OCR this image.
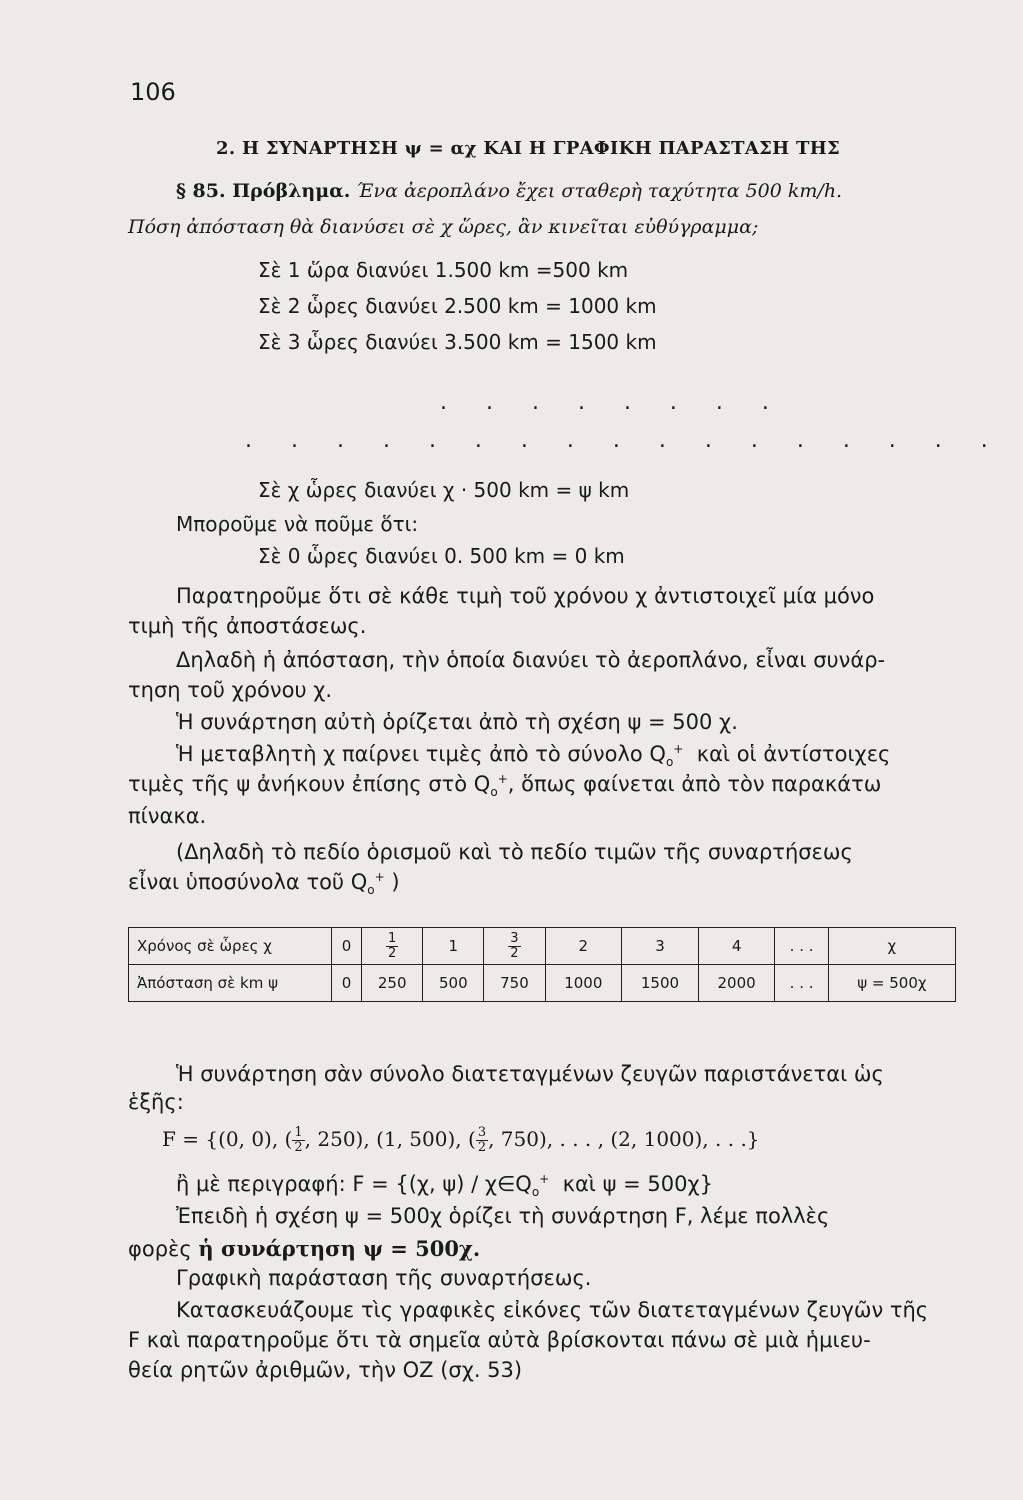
106
2. Η ΣΥΝΑΡΤΗΣΗ ψ = αχ ΚΑΙ Η ΓΡΑΦΙΚΗ ΠΑΡΑΣΤΑΣΗ ΤΗΣ
§ 85. Πρόβλημα. Ένα ἀεροπλάνο ἔχει σταθερὴ ταχύτητα 500 km/h.
Πόση ἀπόσταση θὰ διανύσει σὲ χ ὥρες, ἂν κινεῖται εὐθύγραμμα;
Σὲ 1 ὥρα διανύει 1.500 km =500 km
Σὲ 2 ὧρες διανύει 2.500 km = 1000 km
Σὲ 3 ὧρες διανύει 3.500 km = 1500 km
. . . . . . . .
. . . . . . . . . . . . . . . . .
Σὲ χ ὧρες διανύει χ · 500 km = ψ km
Μποροῦμε νὰ ποῦμε ὅτι:
Σὲ 0 ὧρες διανύει 0. 500 km = 0 km
Παρατηροῦμε ὅτι σὲ κάθε τιμὴ τοῦ χρόνου χ ἀντιστοιχεῖ μία μόνο
τιμὴ τῆς ἀποστάσεως.
Δηλαδὴ ἡ ἀπόσταση, τὴν ὁποία διανύει τὸ ἀεροπλάνο, εἶναι συνάρ-
τηση τοῦ χρόνου χ.
Ἡ συνάρτηση αὐτὴ ὁρίζεται ἀπὸ τὴ σχέση ψ = 500 χ.
Ἡ μεταβλητὴ χ παίρνει τιμὲς ἀπὸ τὸ σύνολο $Q_o^+$ καὶ οἱ ἀντίστοιχες
τιμὲς τῆς ψ ἀνήκουν ἐπίσης στὸ $Q_o^+$, ὅπως φαίνεται ἀπὸ τὸν παρακάτω
πίνακα.
(Δηλαδὴ τὸ πεδίο ὁρισμοῦ καὶ τὸ πεδίο τιμῶν τῆς συναρτήσεως
εἶναι ὑποσύνολα τοῦ $Q_o^+$ )
Χρόνος σὲ ὧρες χ	0	$\frac{1}{2}$	1	$\frac{3}{2}$	2	3	4	. . .	χ
Ἀπόσταση σὲ km ψ	0	250	500	750	1000	1500	2000	. . .	ψ = 500χ
Ἡ συνάρτηση σὰν σύνολο διατεταγμένων ζευγῶν παριστάνεται ὡς
ἑξῆς:
F = {(0, 0), ( $\frac{1}{2}$ , 250), (1, 500), ( $\frac{3}{2}$ , 750), . . . , (2, 1000), . . .}
ἢ μὲ περιγραφή: F = {(χ, $\psi) / \chi\in Q_o^+$ καὶ ψ = 500χ}
Ἐπειδὴ ἡ σχέση ψ = 500χ ὁρίζει τὴ συνάρτηση F, λέμε πολλὲς
φορὲς ἡ συνάρτηση ψ = 500χ.
Γραφικὴ παράσταση τῆς συναρτήσεως.
Κατασκευάζουμε τὶς γραφικὲς εἰκόνες τῶν διατεταγμένων ζευγῶν τῆς
F καὶ παρατηροῦμε ὅτι τὰ σημεῖα αὐτὰ βρίσκονται πάνω σὲ μιὰ ἡμιευ-
θεία ρητῶν ἀριθμῶν, τὴν ΟΖ (σχ. 53)
